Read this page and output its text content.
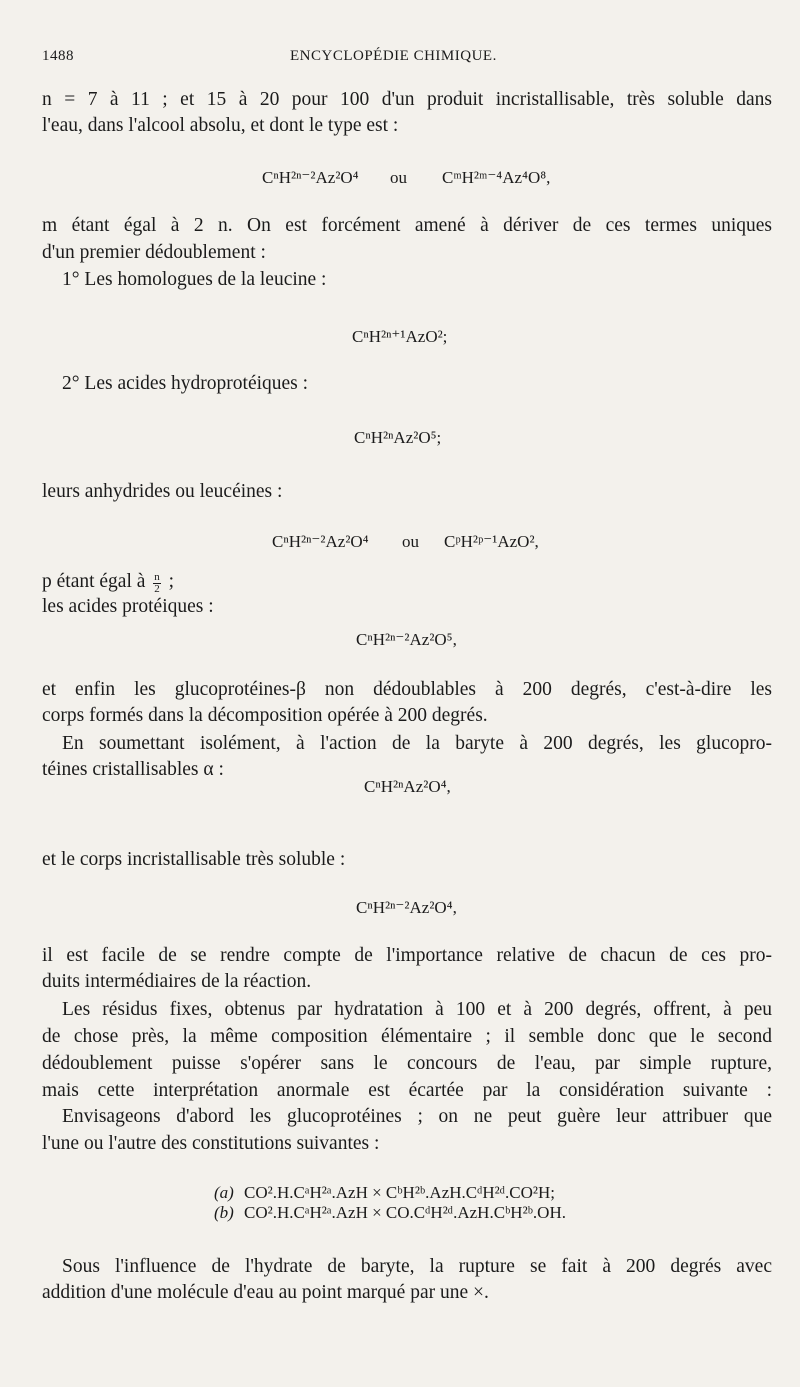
1488	ENCYCLOPÉDIE CHIMIQUE.
n = 7 à 11 ; et 15 à 20 pour 100 d'un produit incristallisable, très soluble dans
l'eau, dans l'alcool absolu, et dont le type est :
CⁿH²ⁿ⁻²Az²O⁴ ou CᵐH²ᵐ⁻⁴Az⁴O⁸,
m étant égal à 2 n. On est forcément amené à dériver de ces termes uniques
d'un premier dédoublement :
1° Les homologues de la leucine :
CⁿH²ⁿ⁺¹AzO²;
2° Les acides hydroprotéiques :
CⁿH²ⁿAz²O⁵;
leurs anhydrides ou leucéines :
CⁿH²ⁿ⁻²Az²O⁴ ou CᵖH²ᵖ⁻¹AzO²,
p étant égal à $\frac{n}{2}$ ;
les acides protéiques :
CⁿH²ⁿ⁻²Az²O⁵,
et enfin les glucoprotéines-β non dédoublables à 200 degrés, c'est-à-dire les
corps formés dans la décomposition opérée à 200 degrés.
En soumettant isolément, à l'action de la baryte à 200 degrés, les glucopro-
téines cristallisables α :
CⁿH²ⁿAz²O⁴,
et le corps incristallisable très soluble :
CⁿH²ⁿ⁻²Az²O⁴,
il est facile de se rendre compte de l'importance relative de chacun de ces pro-
duits intermédiaires de la réaction.
Les résidus fixes, obtenus par hydratation à 100 et à 200 degrés, offrent, à peu
de chose près, la même composition élémentaire ; il semble donc que le second
dédoublement puisse s'opérer sans le concours de l'eau, par simple rupture,
mais cette interprétation anormale est écartée par la considération suivante :
Envisageons d'abord les glucoprotéines ; on ne peut guère leur attribuer que
l'une ou l'autre des constitutions suivantes :
(a) CO².H.CᵃH²ᵃ.AzH × CᵇH²ᵇ.AzH.CᵈH²ᵈ.CO²H;
(b) CO².H.CᵃH²ᵃ.AzH × CO.CᵈH²ᵈ.AzH.CᵇH²ᵇ.OH.
Sous l'influence de l'hydrate de baryte, la rupture se fait à 200 degrés avec
addition d'une molécule d'eau au point marqué par une ×.
